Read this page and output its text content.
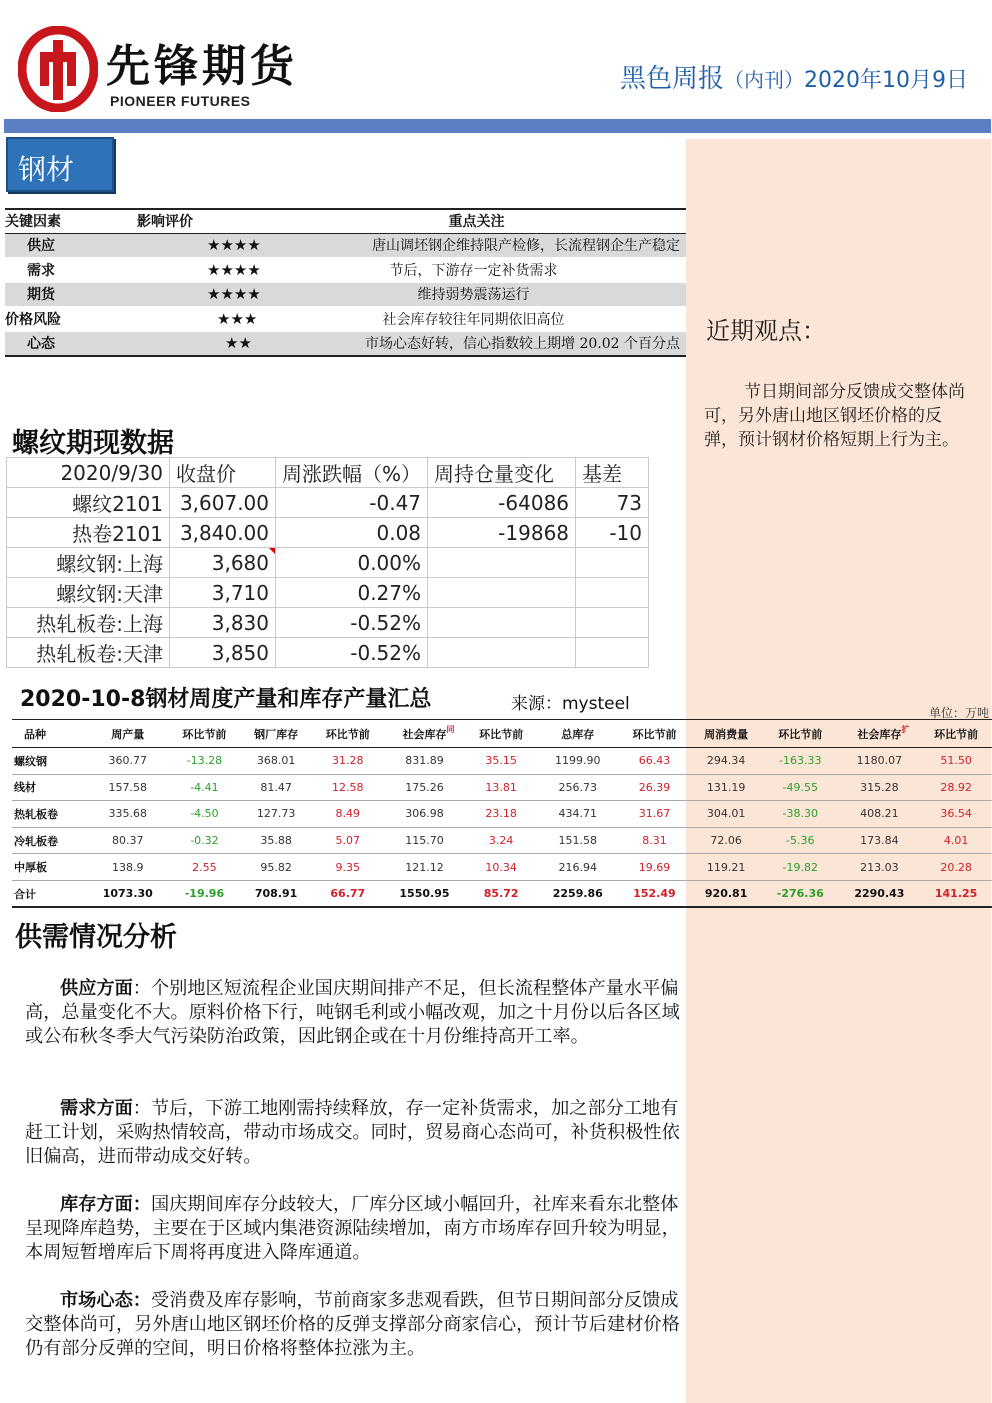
先锋期货
PIONEER FUTURES
黑色周报（内刊）2020年10月9日
近期观点：
节日期间部分反馈成交整体尚可，另外唐山地区钢坯价格的反弹，预计钢材价格短期上行为主。
钢材
关键因素	影响评价	重点关注
供应	★★★★	唐山调坯钢企维持限产检修，长流程钢企生产稳定
需求	★★★★	节后，下游存一定补货需求
期货	★★★★	维持弱势震荡运行
价格风险	★★★	社会库存较往年同期依旧高位
心态	★★	市场心态好转，信心指数较上期增 20.02 个百分点
螺纹期现数据
2020/9/30	收盘价	周涨跌幅（%）	周持仓量变化	基差
螺纹2101	3,607.00	-0.47	-64086	73
热卷2101	3,840.00	0.08	-19868	-10
螺纹钢:上海	3,680	0.00%		
螺纹钢:天津	3,710	0.27%		
热轧板卷:上海	3,830	-0.52%		
热轧板卷:天津	3,850	-0.52%		
2020-10-8钢材周度产量和库存产量汇总	来源：mysteel	单位：万吨
品种	周产量	环比节前	钢厂库存	环比节前	社会库存 同	环比节前	总库存	环比节前	周消费量	环比节前	社会库存 扩	环比节前
螺纹钢	360.77	-13.28	368.01	31.28	831.89	35.15	1199.90	66.43	294.34	-163.33	1180.07	51.50
线材	157.58	-4.41	81.47	12.58	175.26	13.81	256.73	26.39	131.19	-49.55	315.28	28.92
热轧板卷	335.68	-4.50	127.73	8.49	306.98	23.18	434.71	31.67	304.01	-38.30	408.21	36.54
冷轧板卷	80.37	-0.32	35.88	5.07	115.70	3.24	151.58	8.31	72.06	-5.36	173.84	4.01
中厚板	138.9	2.55	95.82	9.35	121.12	10.34	216.94	19.69	119.21	-19.82	213.03	20.28
合计	1073.30	-19.96	708.91	66.77	1550.95	85.72	2259.86	152.49	920.81	-276.36	2290.43	141.25
供需情况分析
供应方面：个别地区短流程企业国庆期间排产不足，但长流程整体产量水平偏高，总量变化不大。原料价格下行，吨钢毛利或小幅改观，加之十月份以后各区域或公布秋冬季大气污染防治政策，因此钢企或在十月份维持高开工率。
需求方面：节后，下游工地刚需持续释放，存一定补货需求，加之部分工地有赶工计划，采购热情较高，带动市场成交。同时，贸易商心态尚可，补货积极性依旧偏高，进而带动成交好转。
库存方面：国庆期间库存分歧较大，厂库分区域小幅回升，社库来看东北整体呈现降库趋势，主要在于区域内集港资源陆续增加，南方市场库存回升较为明显，本周短暂增库后下周将再度进入降库通道。
市场心态：受消费及库存影响，节前商家多悲观看跌，但节日期间部分反馈成交整体尚可，另外唐山地区钢坯价格的反弹支撑部分商家信心，预计节后建材价格仍有部分反弹的空间，明日价格将整体拉涨为主。
